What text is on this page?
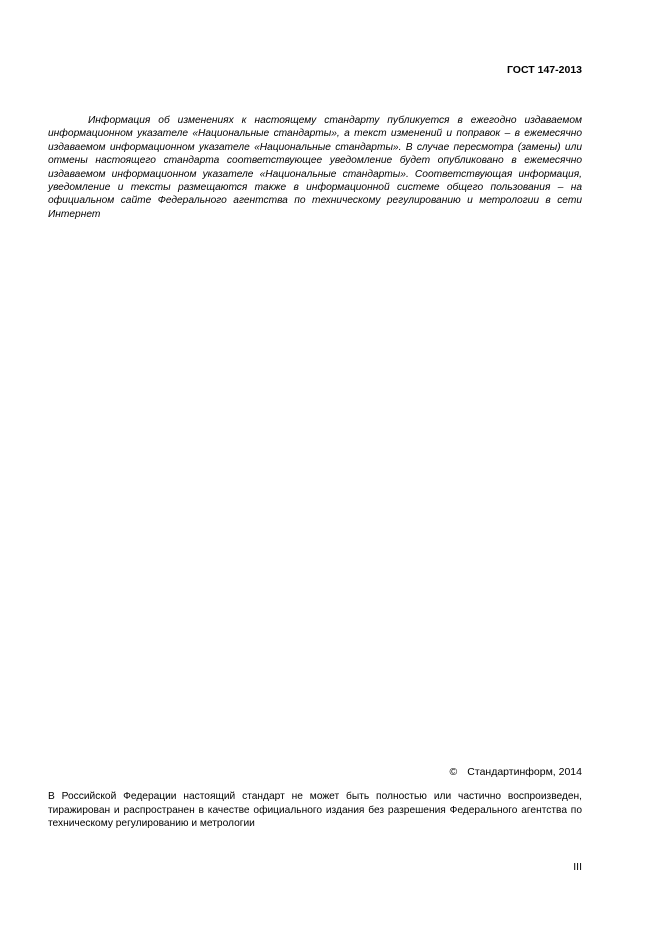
ГОСТ 147-2013

Информация об изменениях к настоящему стандарту публикуется в ежегодно издаваемом информационном указателе «Национальные стандарты», а текст изменений и поправок – в ежемесячно издаваемом информационном указателе «Национальные стандарты». В случае пересмотра (замены) или отмены настоящего стандарта соответствующее уведомление будет опубликовано в ежемесячно издаваемом информационном указателе «Национальные стандарты». Соответствующая информация, уведомление и тексты размещаются также в информационной системе общего пользования – на официальном сайте Федерального агентства по техническому регулированию и метрологии в сети Интернет

© Стандартинформ, 2014

В Российской Федерации настоящий стандарт не может быть полностью или частично воспроизведен, тиражирован и распространен в качестве официального издания без разрешения Федерального агентства по техническому регулированию и метрологии

III
